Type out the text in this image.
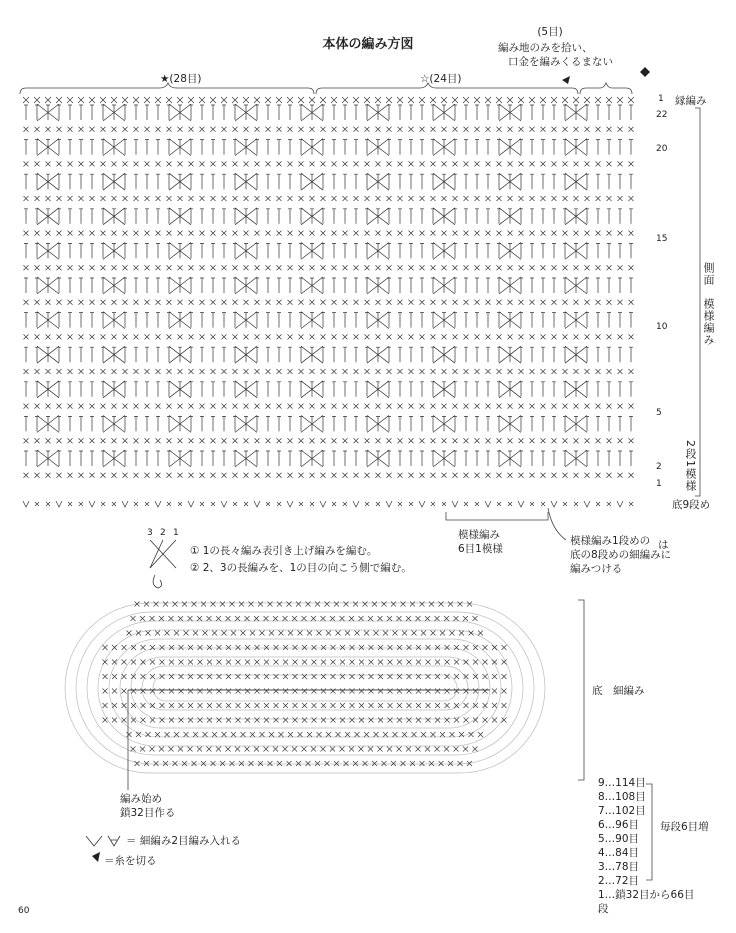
本体の編み方図
(5目)
編み地のみを拾い、
口金を編みくるまない
★(28目)	☆(24目)
1 縁編み
22
20
15
10
5
2
1
側面
模様編み
2段1模様
底9段め
模様編み
6目1模様
模様編み1段めの は
底の8段めの細編みに
編みつける
3 2 1
① 1の長々編み表引き上げ編みを編む。
② 2、3の長編みを、1の目の向こう側で編む。
底　細編み
編み始め
鎖32目作る
＝ 細編み2目編み入れる
＝糸を切る
9…114目
8…108目
7…102目
6…96目
5…90目
4…84目
3…78目
2…72目
1…鎖32目から66目
段
毎段6目増
60
